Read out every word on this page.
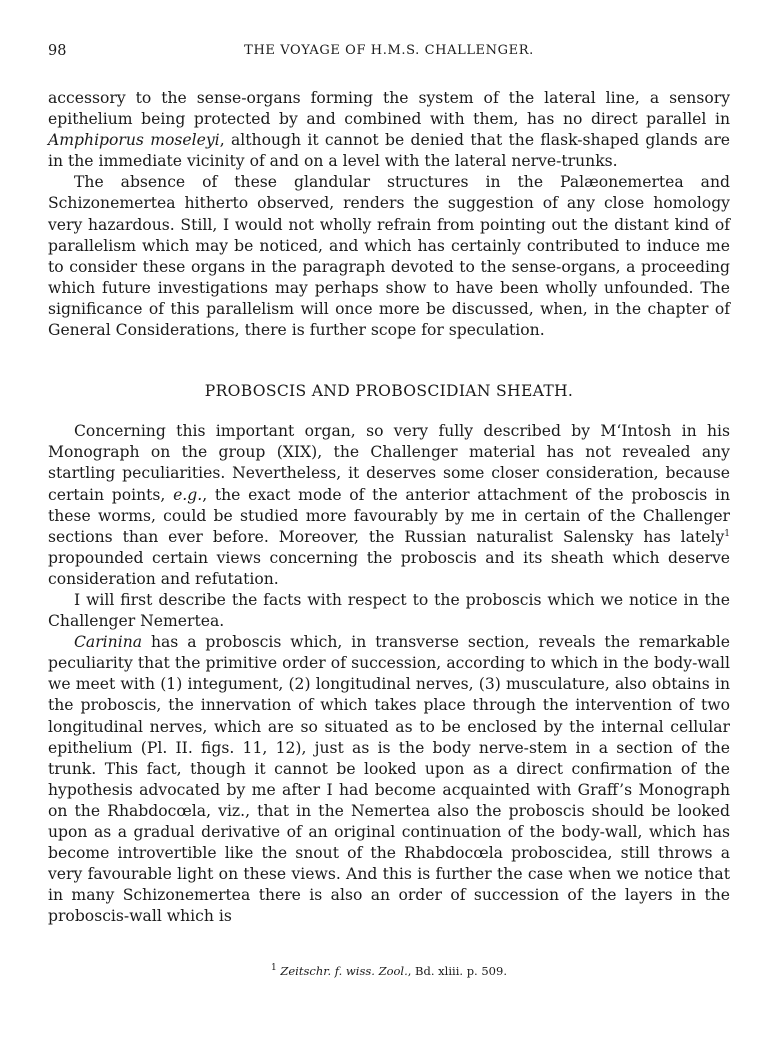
98	THE VOYAGE OF H.M.S. CHALLENGER.

accessory to the sense-organs forming the system of the lateral line, a sensory epithelium being protected by and combined with them, has no direct parallel in Amphiporus moseleyi, although it cannot be denied that the flask-shaped glands are in the immediate vicinity of and on a level with the lateral nerve-trunks.

The absence of these glandular structures in the Palæonemertea and Schizonemertea hitherto observed, renders the suggestion of any close homology very hazardous. Still, I would not wholly refrain from pointing out the distant kind of parallelism which may be noticed, and which has certainly contributed to induce me to consider these organs in the paragraph devoted to the sense-organs, a proceeding which future investigations may perhaps show to have been wholly unfounded. The significance of this parallelism will once more be discussed, when, in the chapter of General Considerations, there is further scope for speculation.

PROBOSCIS AND PROBOSCIDIAN SHEATH.

Concerning this important organ, so very fully described by M‘Intosh in his Monograph on the group (XIX), the Challenger material has not revealed any startling peculiarities. Nevertheless, it deserves some closer consideration, because certain points, e.g., the exact mode of the anterior attachment of the proboscis in these worms, could be studied more favourably by me in certain of the Challenger sections than ever before. Moreover, the Russian naturalist Salensky has lately$^1$ propounded certain views concerning the proboscis and its sheath which deserve consideration and refutation.

I will first describe the facts with respect to the proboscis which we notice in the Challenger Nemertea.

Carinina has a proboscis which, in transverse section, reveals the remarkable peculiarity that the primitive order of succession, according to which in the body-wall we meet with (1) integument, (2) longitudinal nerves, (3) musculature, also obtains in the proboscis, the innervation of which takes place through the intervention of two longitudinal nerves, which are so situated as to be enclosed by the internal cellular epithelium (Pl. II. figs. 11, 12), just as is the body nerve-stem in a section of the trunk. This fact, though it cannot be looked upon as a direct confirmation of the hypothesis advocated by me after I had become acquainted with Graff’s Monograph on the Rhabdocœla, viz., that in the Nemertea also the proboscis should be looked upon as a gradual derivative of an original continuation of the body-wall, which has become introvertible like the snout of the Rhabdocœla proboscidea, still throws a very favourable light on these views. And this is further the case when we notice that in many Schizonemertea there is also an order of succession of the layers in the proboscis-wall which is

$^1$ Zeitschr. f. wiss. Zool., Bd. xliii. p. 509.
